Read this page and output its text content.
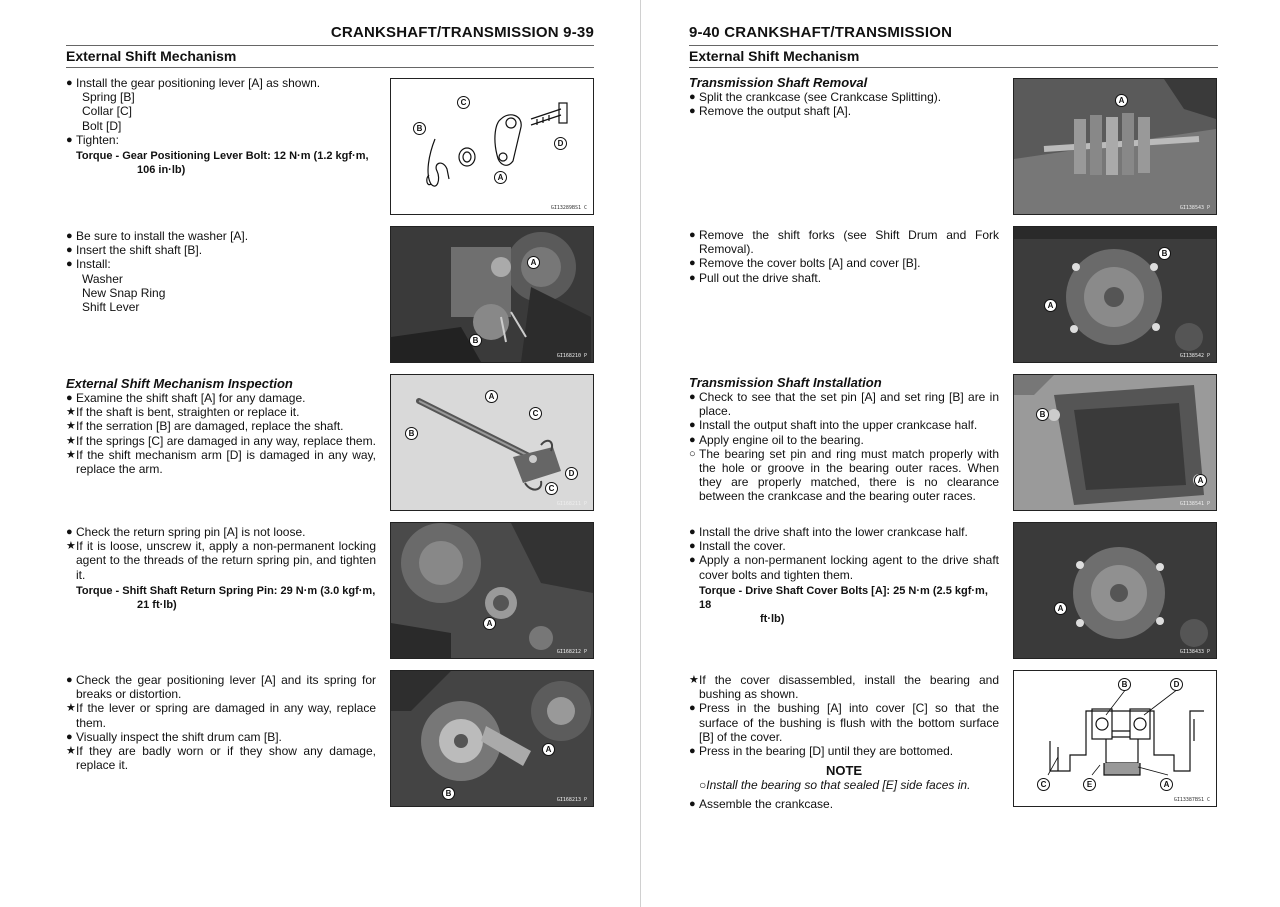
CRANKSHAFT/TRANSMISSION 9-39
External Shift Mechanism
● Install the gear positioning lever [A] as shown.
Spring [B]
Collar [C]
Bolt [D]
● Tighten:
Torque - Gear Positioning Lever Bolt: 12 N·m (1.2 kgf·m,
106 in·lb)
B
C
D
A
GI13289BS1 C
● Be sure to install the washer [A].
● Insert the shift shaft [B].
● Install:
Washer
New Snap Ring
Shift Lever
A
B
GI168210 P
External Shift Mechanism Inspection
● Examine the shift shaft [A] for any damage.
★ If the shaft is bent, straighten or replace it.
★ If the serration [B] are damaged, replace the shaft.
★ If the springs [C] are damaged in any way, replace them.
★ If the shift mechanism arm [D] is damaged in any way, replace the arm.
A
B
C
D
C
GI168211 P
● Check the return spring pin [A] is not loose.
★ If it is loose, unscrew it, apply a non-permanent locking agent to the threads of the return spring pin, and tighten it.
Torque - Shift Shaft Return Spring Pin: 29 N·m (3.0 kgf·m,
21 ft·lb)
A
GI168212 P
● Check the gear positioning lever [A] and its spring for breaks or distortion.
★ If the lever or spring are damaged in any way, replace them.
● Visually inspect the shift drum cam [B].
★ If they are badly worn or if they show any damage, replace it.
A
B
GI168213 P
9-40 CRANKSHAFT/TRANSMISSION
External Shift Mechanism
Transmission Shaft Removal
● Split the crankcase (see Crankcase Splitting).
● Remove the output shaft [A].
A
GI138543 P
● Remove the shift forks (see Shift Drum and Fork Removal).
● Remove the cover bolts [A] and cover [B].
● Pull out the drive shaft.
B
A
GI138542 P
Transmission Shaft Installation
● Check to see that the set pin [A] and set ring [B] are in place.
● Install the output shaft into the upper crankcase half.
● Apply engine oil to the bearing.
○ The bearing set pin and ring must match properly with the hole or groove in the bearing outer races. When they are properly matched, there is no clearance between the crankcase and the bearing outer races.
B
A
GI138541 P
● Install the drive shaft into the lower crankcase half.
● Install the cover.
● Apply a non-permanent locking agent to the drive shaft cover bolts and tighten them.
Torque - Drive Shaft Cover Bolts [A]: 25 N·m (2.5 kgf·m, 18
ft·lb)
A
GI138433 P
★ If the cover disassembled, install the bearing and bushing as shown.
● Press in the bushing [A] into cover [C] so that the surface of the bushing is flush with the bottom surface [B] of the cover.
● Press in the bearing [D] until they are bottomed.
NOTE
○Install the bearing so that sealed [E] side faces in.
● Assemble the crankcase.
B	D
C	E	A
GI13387BS1 C
